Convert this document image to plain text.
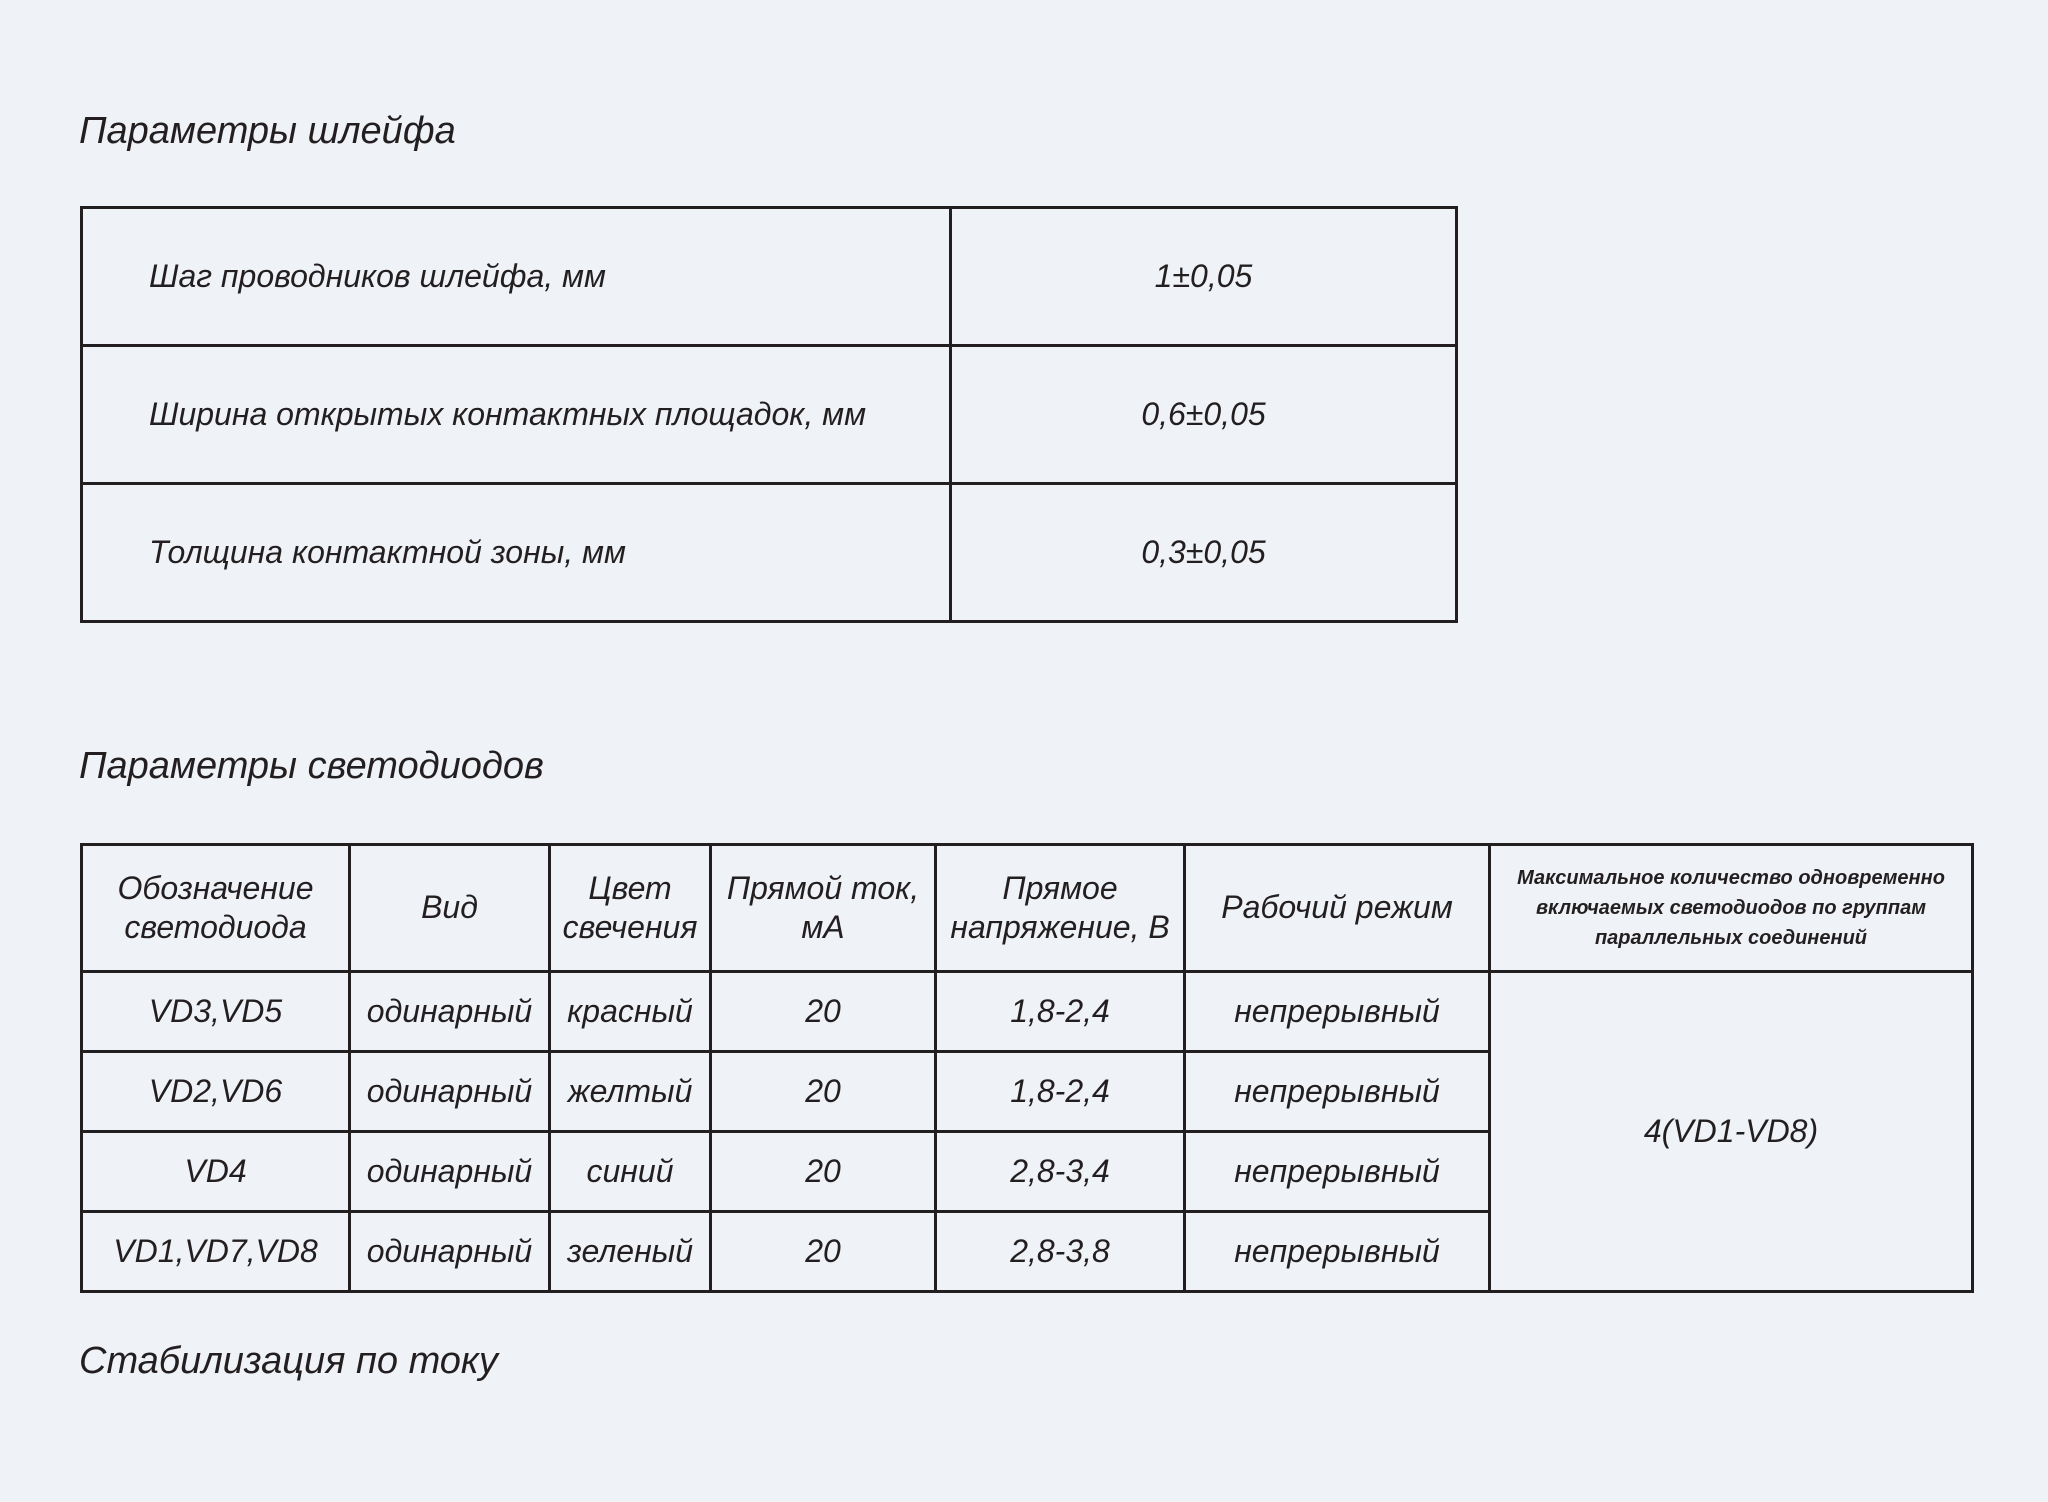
Параметры шлейфа
Шаг проводников шлейфа, мм	1±0,05
Ширина открытых контактных площадок, мм	0,6±0,05
Толщина контактной зоны, мм	0,3±0,05
Параметры светодиодов
Обозначение светодиода	Вид	Цвет свечения	Прямой ток, мА	Прямое напряжение, В	Рабочий режим	Максимальное количество одновременно включаемых светодиодов по группам параллельных соединений
VD3,VD5	одинарный	красный	20	1,8-2,4	непрерывный	4(VD1-VD8)
VD2,VD6	одинарный	желтый	20	1,8-2,4	непрерывный	
VD4	одинарный	синий	20	2,8-3,4	непрерывный	
VD1,VD7,VD8	одинарный	зеленый	20	2,8-3,8	непрерывный	

Стабилизация по току
